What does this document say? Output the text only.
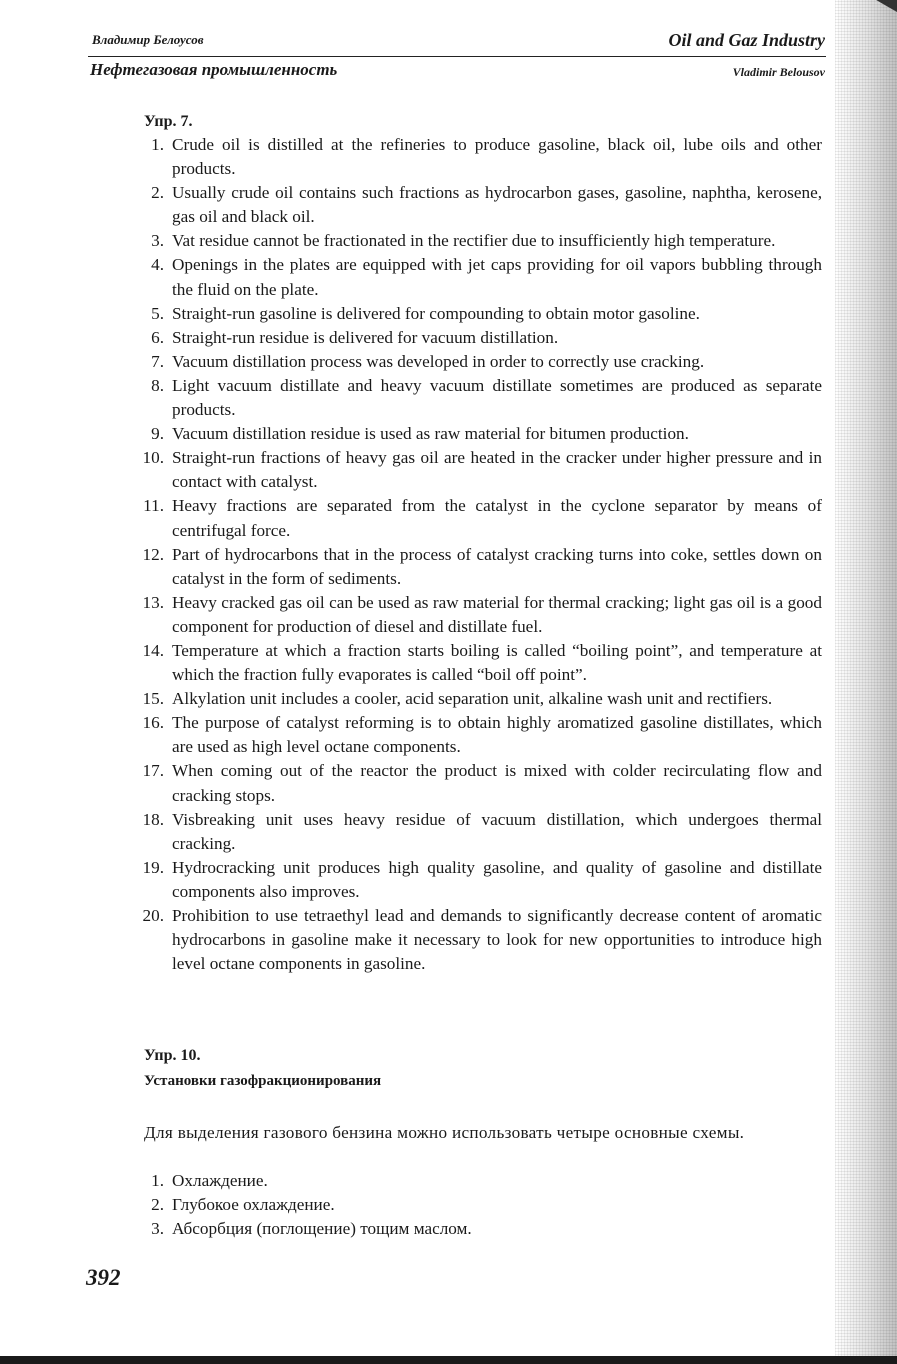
Владимир Белоусов	Oil and Gaz Industry
Нефтегазовая промышленность	Vladimir Belousov
Упр. 7.
1. Crude oil is distilled at the refineries to produce gasoline, black oil, lube oils and other products.
2. Usually crude oil contains such fractions as hydrocarbon gases, gasoline, naphtha, kerosene, gas oil and black oil.
3. Vat residue cannot be fractionated in the rectifier due to insufficiently high temperature.
4. Openings in the plates are equipped with jet caps providing for oil vapors bubbling through the fluid on the plate.
5. Straight-run gasoline is delivered for compounding to obtain motor gasoline.
6. Straight-run residue is delivered for vacuum distillation.
7. Vacuum distillation process was developed in order to correctly use cracking.
8. Light vacuum distillate and heavy vacuum distillate sometimes are produced as separate products.
9. Vacuum distillation residue is used as raw material for bitumen production.
10. Straight-run fractions of heavy gas oil are heated in the cracker under higher pressure and in contact with catalyst.
11. Heavy fractions are separated from the catalyst in the cyclone separator by means of centrifugal force.
12. Part of hydrocarbons that in the process of catalyst cracking turns into coke, settles down on catalyst in the form of sediments.
13. Heavy cracked gas oil can be used as raw material for thermal cracking; light gas oil is a good component for production of diesel and distillate fuel.
14. Temperature at which a fraction starts boiling is called “boiling point”, and temperature at which the fraction fully evaporates is called “boil off point”.
15. Alkylation unit includes a cooler, acid separation unit, alkaline wash unit and rectifiers.
16. The purpose of catalyst reforming is to obtain highly aromatized gasoline distillates, which are used as high level octane components.
17. When coming out of the reactor the product is mixed with colder recirculating flow and cracking stops.
18. Visbreaking unit uses heavy residue of vacuum distillation, which undergoes thermal cracking.
19. Hydrocracking unit produces high quality gasoline, and quality of gasoline and distillate components also improves.
20. Prohibition to use tetraethyl lead and demands to significantly decrease content of aromatic hydrocarbons in gasoline make it necessary to look for new opportunities to introduce high level octane components in gasoline.
Упр. 10.
Установки газофракционирования
Для выделения газового бензина можно использовать четыре основные схемы.
1. Охлаждение.
2. Глубокое охлаждение.
3. Абсорбция (поглощение) тощим маслом.
392
